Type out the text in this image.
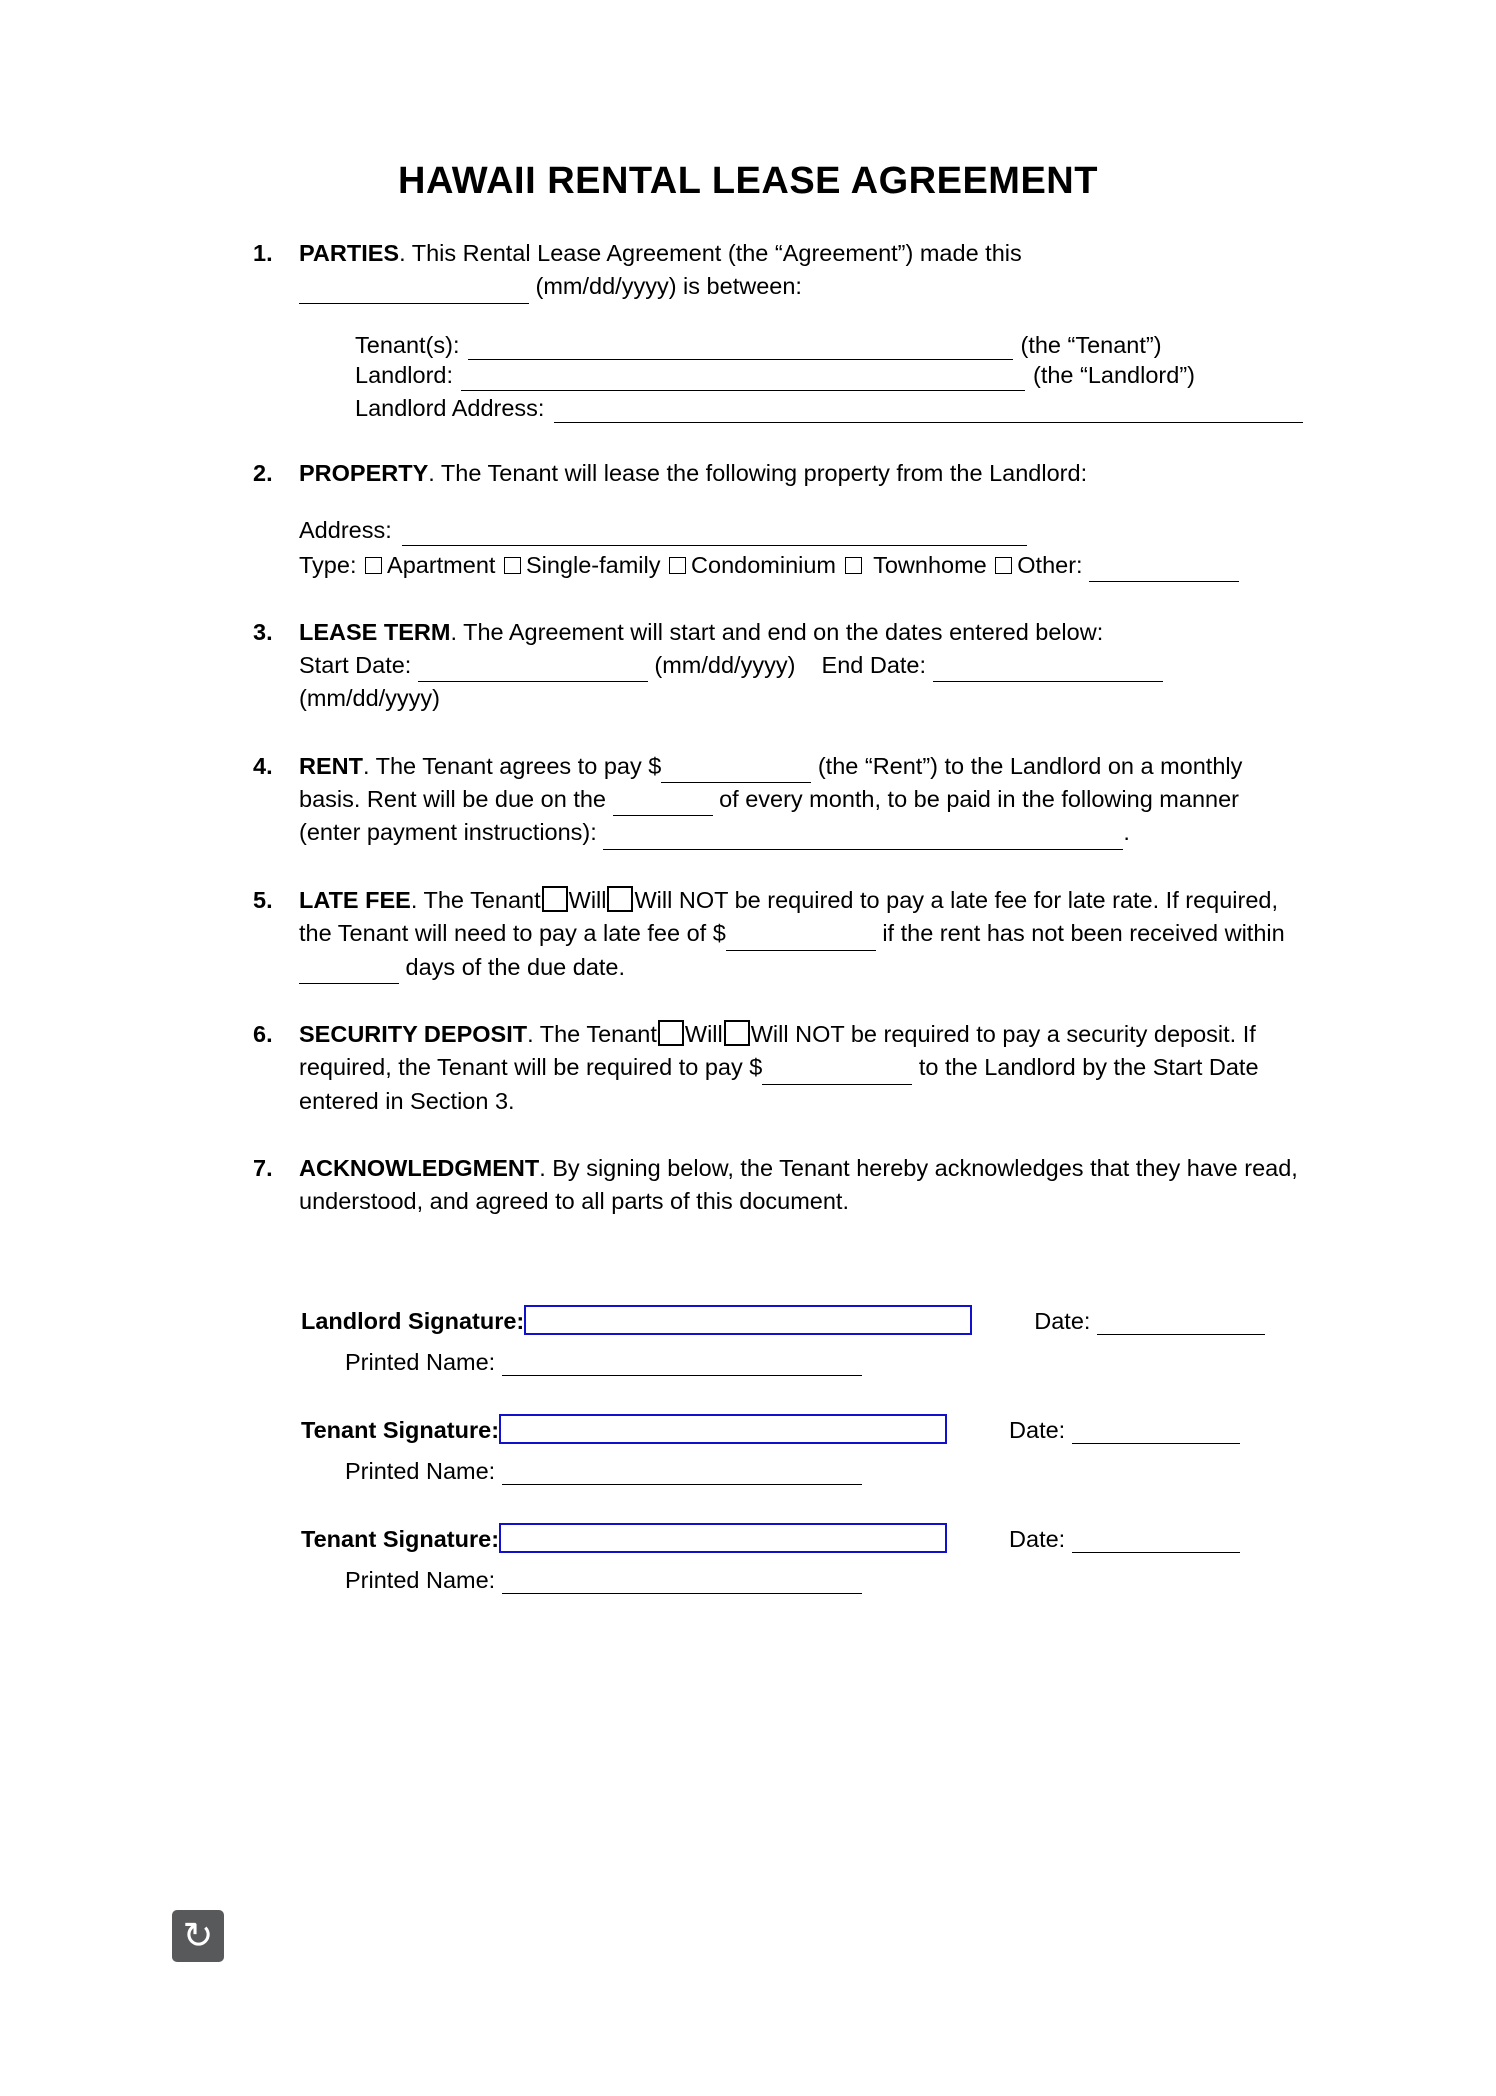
HAWAII RENTAL LEASE AGREEMENT
1.	PARTIES. This Rental Lease Agreement (the “Agreement”) made this
(mm/dd/yyyy) is between:
Tenant(s):	(the “Tenant”)
Landlord:	(the “Landlord”)
Landlord Address:
2.	PROPERTY. The Tenant will lease the following property from the Landlord:
Address:
Type: Apartment Single-family Condominium Townhome Other:
3.	LEASE TERM. The Agreement will start and end on the dates entered below:
Start Date:	(mm/dd/yyyy) End Date:  (mm/dd/yyyy)
4.	RENT. The Tenant agrees to pay $	(the “Rent”) to the Landlord on a monthly basis. Rent will be due on the	of every month, to be paid in the following manner (enter payment instructions):	.
5.	LATE FEE. The Tenant Will Will NOT be required to pay a late fee for late rate. If required, the Tenant will need to pay a late fee of $	if the rent has not been received within  days of the due date.
6.	SECURITY DEPOSIT. The Tenant Will Will NOT be required to pay a security deposit. If required, the Tenant will be required to pay $	to the Landlord by the Start Date entered in Section 3.
7.	ACKNOWLEDGMENT. By signing below, the Tenant hereby acknowledges that they have read, understood, and agreed to all parts of this document.
Landlord Signature:	Date:
Printed Name:
Tenant Signature:	Date:
Printed Name:
Tenant Signature:	Date:
Printed Name:
↻
